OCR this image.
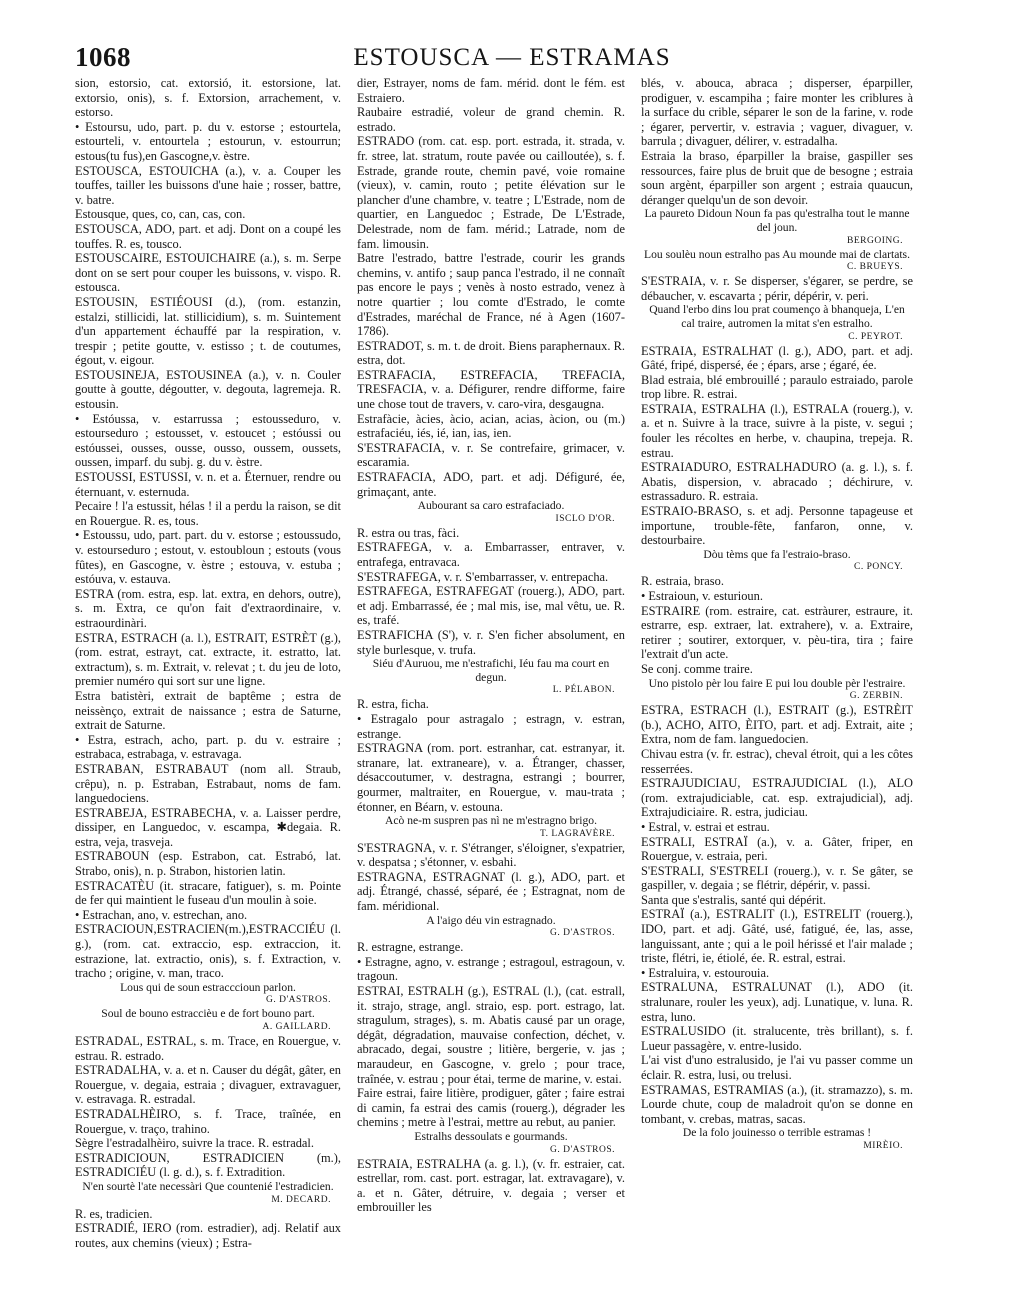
1068	ESTOUSCA — ESTRAMAS

sion, estorsio, cat. extorsió, it. estorsione, lat. extorsio, onis), s. f. Extorsion, arrachement, v. estorso.

• Estoursu, udo, part. p. du v. estorse ; estourtela, estourteli, v. entourtela ; estourun, v. estourrun; estous(tu fus),en Gascogne,v. èstre.

ESTOUSCA, ESTOUICHA (a.), v. a. Couper les touffes, tailler les buissons d'une haie ; rosser, battre, v. batre.

Estousque, ques, co, can, cas, con.

ESTOUSCA, ADO, part. et adj. Dont on a coupé les touffes. R. es, tousco.

ESTOUSCAIRE, ESTOUICHAIRE (a.), s. m. Serpe dont on se sert pour couper les buissons, v. vispo. R. estousca.

ESTOUSIN, ESTIÉOUSI (d.), (rom. estanzin, estalzi, stillicidi, lat. stillicidium), s. m. Suintement d'un appartement échauffé par la respiration, v. trespir ; petite goutte, v. estisso ; t. de coutumes, égout, v. eigour.

ESTOUSINEJA, ESTOUSINEA (a.), v. n. Couler goutte à goutte, dégoutter, v. degouta, lagremeja. R. estousin.

• Estóussa, v. estarrussa ; estousseduro, v. estourseduro ; estousset, v. estoucet ; estóussi ou estóussei, ousses, ousse, ousso, oussem, oussets, oussen, imparf. du subj. g. du v. èstre.

ESTOUSSI, ESTUSSI, v. n. et a. Éternuer, rendre ou éternuant, v. esternuda.

Pecaire ! l'a estussit, hélas ! il a perdu la raison, se dit en Rouergue. R. es, tous.

• Estoussu, udo, part. part. du v. estorse ; estoussudo, v. estourseduro ; estout, v. estoubloun ; estouts (vous fûtes), en Gascogne, v. èstre ; estouva, v. estuba ; estóuva, v. estauva.

ESTRA (rom. estra, esp. lat. extra, en dehors, outre), s. m. Extra, ce qu'on fait d'extraordinaire, v. estraourdinàri.

ESTRA, ESTRACH (a. l.), ESTRAIT, ESTRÈT (g.), (rom. estrat, estrayt, cat. extracte, it. estratto, lat. extractum), s. m. Extrait, v. relevat ; t. du jeu de loto, premier numéro qui sort sur une ligne.

Estra batistèri, extrait de baptême ; estra de neissènço, extrait de naissance ; estra de Saturne, extrait de Saturne.

• Estra, estrach, acho, part. p. du v. estraire ; estrabaca, estrabaga, v. estravaga.

ESTRABAN, ESTRABAUT (nom all. Straub, crêpu), n. p. Estraban, Estrabaut, noms de fam. languedociens.

ESTRABEJA, ESTRABECHA, v. a. Laisser perdre, dissiper, en Languedoc, v. escampa, ✱degaia. R. estra, veja, trasveja.

ESTRABOUN (esp. Estrabon, cat. Estrabó, lat. Strabo, onis), n. p. Strabon, historien latin.

ESTRACATÈU (it. stracare, fatiguer), s. m. Pointe de fer qui maintient le fuseau d'un moulin à soie.

• Estrachan, ano, v. estrechan, ano.

ESTRACIOUN,ESTRACIEN(m.),ESTRACCIÉU (l. g.), (rom. cat. extraccio, esp. extraccion, it. estrazione, lat. extractio, onis), s. f. Extraction, v. tracho ; origine, v. man, traco.

Lous qui de soun estracccioun parlon.
G. D'ASTROS.
Soul de bouno estraccièu e de fort bouno part.
A. GAILLARD.

ESTRADAL, ESTRAL, s. m. Trace, en Rouergue, v. estrau. R. estrado.

ESTRADALHA, v. a. et n. Causer du dégât, gâter, en Rouergue, v. degaia, estraia ; divaguer, extravaguer, v. estravaga. R. estradal.

ESTRADALHÈIRO, s. f. Trace, traînée, en Rouergue, v. traço, trahino.

Sègre l'estradalhèiro, suivre la trace. R. estradal.

ESTRADICIOUN, ESTRADICIEN (m.), ESTRADICIÉU (l. g. d.), s. f. Extradition.

N'en sourtè l'ate necessàri Que countenié l'estradicien.
M. DECARD.

R. es, tradicien.

ESTRADIÉ, IERO (rom. estradier), adj. Relatif aux routes, aux chemins (vieux) ; Estra-

dier, Estrayer, noms de fam. mérid. dont le fém. est Estraiero.

Raubaire estradié, voleur de grand chemin. R. estrado.

ESTRADO (rom. cat. esp. port. estrada, it. strada, v. fr. stree, lat. stratum, route pavée ou cailloutée), s. f. Estrade, grande route, chemin pavé, voie romaine (vieux), v. camin, routo ; petite élévation sur le plancher d'une chambre, v. teatre ; L'Estrade, nom de quartier, en Languedoc ; Estrade, De L'Estrade, Delestrade, nom de fam. mérid.; Latrade, nom de fam. limousin.

Batre l'estrado, battre l'estrade, courir les grands chemins, v. antifo ; saup panca l'estrado, il ne connaît pas encore le pays ; venès à nosto estrado, venez à notre quartier ; lou comte d'Estrado, le comte d'Estrades, maréchal de France, né à Agen (1607-1786).

ESTRADOT, s. m. t. de droit. Biens paraphernaux. R. estra, dot.

ESTRAFACIA, ESTREFACIA, TREFACIA, TRESFACIA, v. a. Défigurer, rendre difforme, faire une chose tout de travers, v. caro-vira, desgaugna.

Estrafàcie, àcies, àcio, acian, acias, àcion, ou (m.) estrafaciéu, iés, ié, ian, ias, ien.

S'ESTRAFACIA, v. r. Se contrefaire, grimacer, v. escaramia.

ESTRAFACIA, ADO, part. et adj. Défiguré, ée, grimaçant, ante.

Aubourant sa caro estrafaciado.
ISCLO D'OR.

R. estra ou tras, fàci.

ESTRAFEGA, v. a. Embarrasser, entraver, v. entrafega, entravaca.

S'ESTRAFEGA, v. r. S'embarrasser, v. entrepacha.

ESTRAFEGA, ESTRAFEGAT (rouerg.), ADO, part. et adj. Embarrassé, ée ; mal mis, ise, mal vêtu, ue. R. es, trafé.

ESTRAFICHA (S'), v. r. S'en ficher absolument, en style burlesque, v. trufa.

Siéu d'Auruou, me n'estrafichi, Iéu fau ma court en degun.
L. PÉLABON.

R. estra, ficha.

• Estragalo pour astragalo ; estragn, v. estran, estrange.

ESTRAGNA (rom. port. estranhar, cat. estranyar, it. stranare, lat. extraneare), v. a. Étranger, chasser, désaccoutumer, v. destragna, estrangi ; bourrer, gourmer, maltraiter, en Rouergue, v. mau-trata ; étonner, en Béarn, v. estouna.

Acò ne-m suspren pas nì ne m'estragno brigo.
T. LAGRAVÈRE.

S'ESTRAGNA, v. r. S'étranger, s'éloigner, s'expatrier, v. despatsa ; s'étonner, v. esbahi.

ESTRAGNA, ESTRAGNAT (l. g.), ADO, part. et adj. Étrangé, chassé, séparé, ée ; Estragnat, nom de fam. méridional.

A l'aigo déu vin estragnado.
G. D'ASTROS.

R. estragne, estrange.

• Estragne, agno, v. estrange ; estragoul, estragoun, v. tragoun.

ESTRAI, ESTRALH (g.), ESTRAL (l.), (cat. estrall, it. strajo, strage, angl. straio, esp. port. estrago, lat. stragulum, strages), s. m. Abatis causé par un orage, dégât, dégradation, mauvaise confection, déchet, v. abracado, degai, soustre ; litière, bergerie, v. jas ; maraudeur, en Gascogne, v. grelo ; pour trace, traînée, v. estrau ; pour étai, terme de marine, v. estai.

Faire estrai, faire litière, prodiguer, gâter ; faire estrai di camin, fa estrai des camis (rouerg.), dégrader les chemins ; metre à l'estrai, mettre au rebut, au panier.

Estralhs dessoulats e gourmands.
G. D'ASTROS.

ESTRAIA, ESTRALHA (a. g. l.), (v. fr. estraier, cat. estrellar, rom. cast. port. estragar, lat. extravagare), v. a. et n. Gâter, détruire, v. degaia ; verser et embrouiller les

blés, v. abouca, abraca ; disperser, éparpiller, prodiguer, v. escampiha ; faire monter les criblures à la surface du crible, séparer le son de la farine, v. rode ; égarer, pervertir, v. estravia ; vaguer, divaguer, v. barrula ; divaguer, délirer, v. estradalha.

Estraia la braso, éparpiller la braise, gaspiller ses ressources, faire plus de bruit que de besogne ; estraia soun argènt, éparpiller son argent ; estraia quaucun, déranger quelqu'un de son devoir.

La paureto Didoun Noun fa pas qu'estralha tout le manne del joun.
BERGOING.
Lou soulèu noun estralho pas Au mounde mai de clartats.
C. BRUEYS.

S'ESTRAIA, v. r. Se disperser, s'égarer, se perdre, se débaucher, v. escavarta ; périr, dépérir, v. peri.

Quand l'erbo dins lou prat coumenço à bhanqueja, L'en cal traire, autromen la mitat s'en estralho.
C. PEYROT.

ESTRAIA, ESTRALHAT (l. g.), ADO, part. et adj. Gâté, fripé, dispersé, ée ; épars, arse ; égaré, ée.

Blad estraia, blé embrouillé ; paraulo estraiado, parole trop libre. R. estrai.

ESTRAIA, ESTRALHA (l.), ESTRALA (rouerg.), v. a. et n. Suivre à la trace, suivre à la piste, v. segui ; fouler les récoltes en herbe, v. chaupina, trepeja. R. estrau.

ESTRAIADURO, ESTRALHADURO (a. g. l.), s. f. Abatis, dispersion, v. abracado ; déchirure, v. estrassaduro. R. estraia.

ESTRAIO-BRASO, s. et adj. Personne tapageuse et importune, trouble-fête, fanfaron, onne, v. destourbaire.

Dòu tèms que fa l'estraio-braso.
C. PONCY.

R. estraia, braso.

• Estraioun, v. esturioun.

ESTRAIRE (rom. estraire, cat. estràurer, estraure, it. estrarre, esp. extraer, lat. extrahere), v. a. Extraire, retirer ; soutirer, extorquer, v. pèu-tira, tira ; faire l'extrait d'un acte.

Se conj. comme traire.

Uno pistolo pèr lou faire E pui lou double pèr l'estraire.
G. ZERBIN.

ESTRA, ESTRACH (l.), ESTRAIT (g.), ESTRÈIT (b.), ACHO, AITO, ÈITO, part. et adj. Extrait, aite ; Extra, nom de fam. languedocien.

Chivau estra (v. fr. estrac), cheval étroit, qui a les côtes resserrées.

ESTRAJUDICIAU, ESTRAJUDICIAL (l.), ALO (rom. extrajudiciable, cat. esp. extrajudicial), adj. Extrajudiciaire. R. estra, judiciau.

• Estral, v. estrai et estrau.

ESTRALI, ESTRAÏ (a.), v. a. Gâter, friper, en Rouergue, v. estraia, peri.

S'ESTRALI, S'ESTRELI (rouerg.), v. r. Se gâter, se gaspiller, v. degaia ; se flétrir, dépérir, v. passi.

Santa que s'estralis, santé qui dépérit.

ESTRAÏ (a.), ESTRALIT (l.), ESTRELIT (rouerg.), IDO, part. et adj. Gâté, usé, fatigué, ée, las, asse, languissant, ante ; qui a le poil hérissé et l'air malade ; triste, flétri, ie, étiolé, ée. R. estral, estrai.

• Estraluira, v. estourouia.

ESTRALUNA, ESTRALUNAT (l.), ADO (it. stralunare, rouler les yeux), adj. Lunatique, v. luna. R. estra, luno.

ESTRALUSIDO (it. stralucente, très brillant), s. f. Lueur passagère, v. entre-lusido.

L'ai vist d'uno estralusido, je l'ai vu passer comme un éclair. R. estra, lusi, ou trelusi.

ESTRAMAS, ESTRAMIAS (a.), (it. stramazzo), s. m. Lourde chute, coup de maladroit qu'on se donne en tombant, v. crebas, matras, sacas.

De la folo jouinesso o terrible estramas !
MIRÈIO.
